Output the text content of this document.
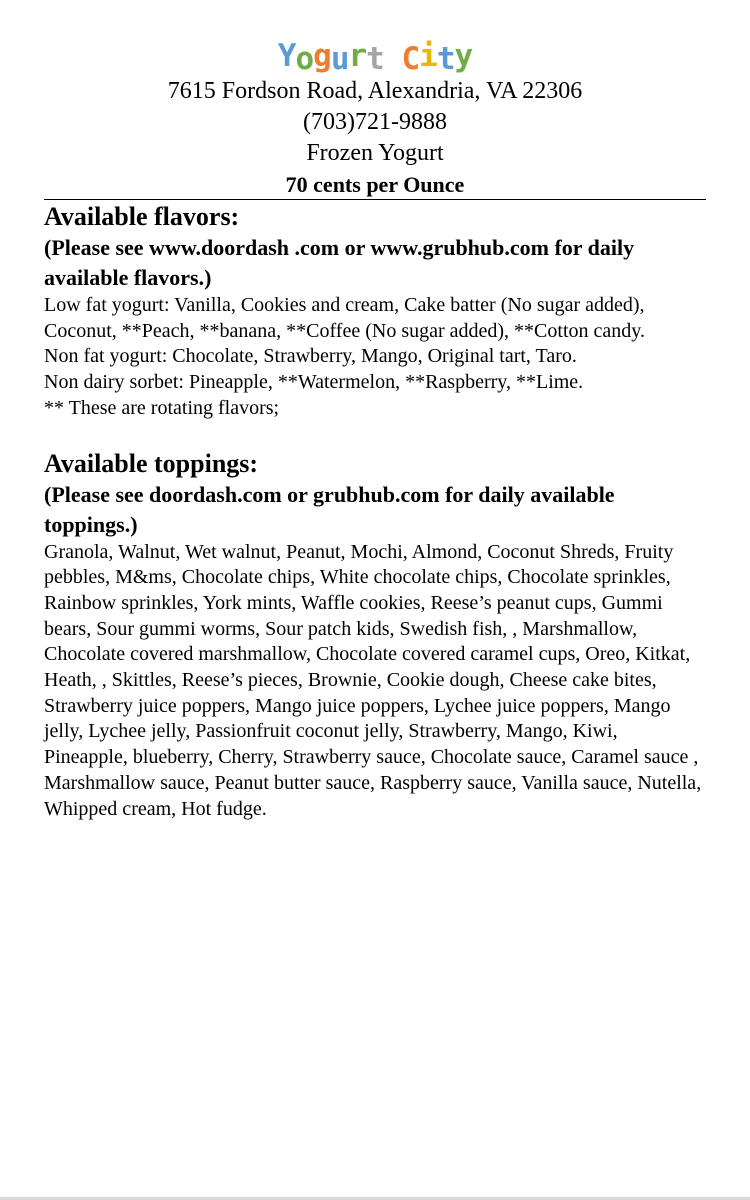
Yogurt City
7615 Fordson Road, Alexandria, VA 22306
(703)721-9888
Frozen Yogurt
70 cents per Ounce

Available flavors:

(Please see www.doordash .com or www.grubhub.com for daily available flavors.)

Low fat yogurt: Vanilla, Cookies and cream, Cake batter (No sugar added), Coconut, **Peach, **banana, **Coffee (No sugar added), **Cotton candy.

Non fat yogurt: Chocolate, Strawberry, Mango, Original tart, Taro.

Non dairy sorbet: Pineapple, **Watermelon, **Raspberry, **Lime.

** These are rotating flavors;

Available toppings:

(Please see doordash.com or grubhub.com for daily available toppings.)

Granola, Walnut, Wet walnut, Peanut, Mochi, Almond, Coconut Shreds, Fruity pebbles, M&ms, Chocolate chips, White chocolate chips, Chocolate sprinkles, Rainbow sprinkles, York mints, Waffle cookies, Reese’s peanut cups, Gummi bears, Sour gummi worms, Sour patch kids, Swedish fish, , Marshmallow, Chocolate covered marshmallow, Chocolate covered caramel cups, Oreo, Kitkat, Heath, , Skittles, Reese’s pieces, Brownie, Cookie dough, Cheese cake bites, Strawberry juice poppers, Mango juice poppers, Lychee juice poppers, Mango jelly, Lychee jelly, Passionfruit coconut jelly, Strawberry, Mango, Kiwi, Pineapple, blueberry, Cherry, Strawberry sauce, Chocolate sauce, Caramel sauce , Marshmallow sauce, Peanut butter sauce, Raspberry sauce, Vanilla sauce, Nutella, Whipped cream, Hot fudge.
